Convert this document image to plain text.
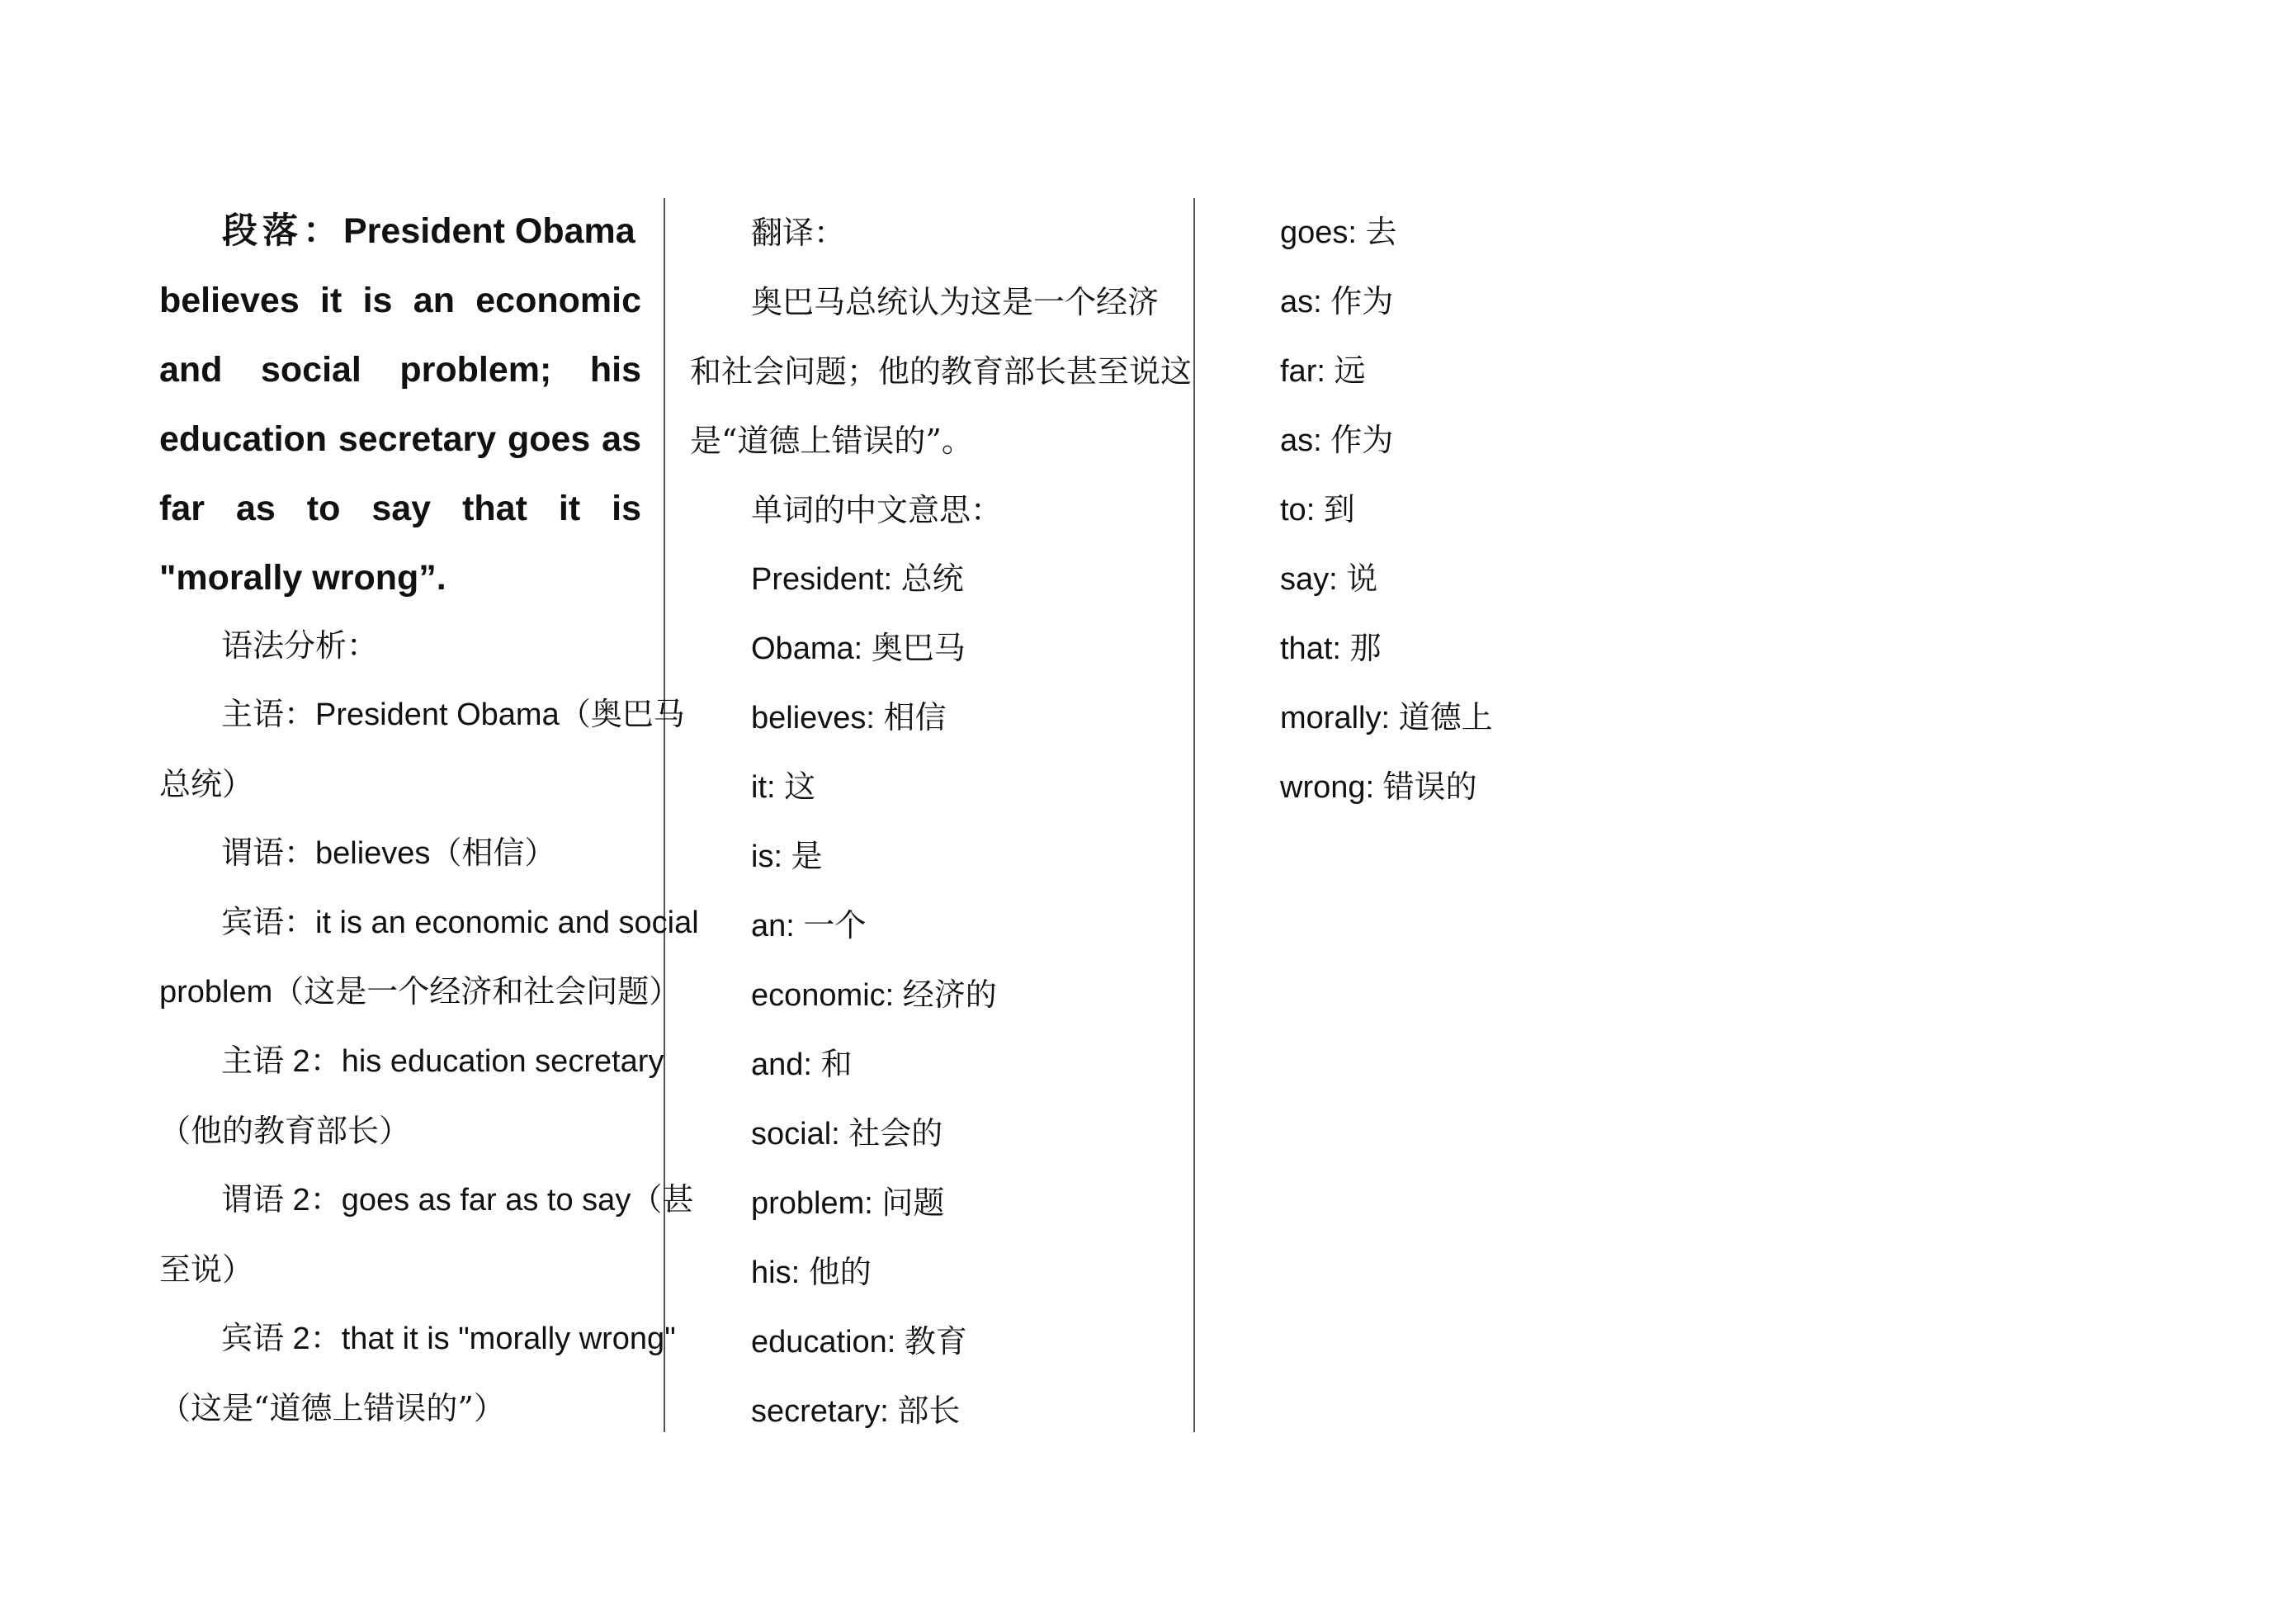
段落：President Obama
believes it is an economic
and social problem; his
education secretary goes as
far as to say that it is
"morally wrong”.
语法分析：
主语：President Obama（奥巴马
总统）
谓语：believes（相信）
宾语：it is an economic and social
problem（这是一个经济和社会问题）
主语 2：his education secretary
（他的教育部长）
谓语 2：goes as far as to say（甚
至说）
宾语 2：that it is "morally wrong"
（这是“道德上错误的”）
翻译：
奥巴马总统认为这是一个经济
和社会问题；他的教育部长甚至说这
是“道德上错误的”。
单词的中文意思：
President: 总统
Obama: 奥巴马
believes: 相信
it: 这
is: 是
an: 一个
economic: 经济的
and: 和
social: 社会的
problem: 问题
his: 他的
education: 教育
secretary: 部长
goes: 去
as: 作为
far: 远
as: 作为
to: 到
say: 说
that: 那
morally: 道德上
wrong: 错误的
